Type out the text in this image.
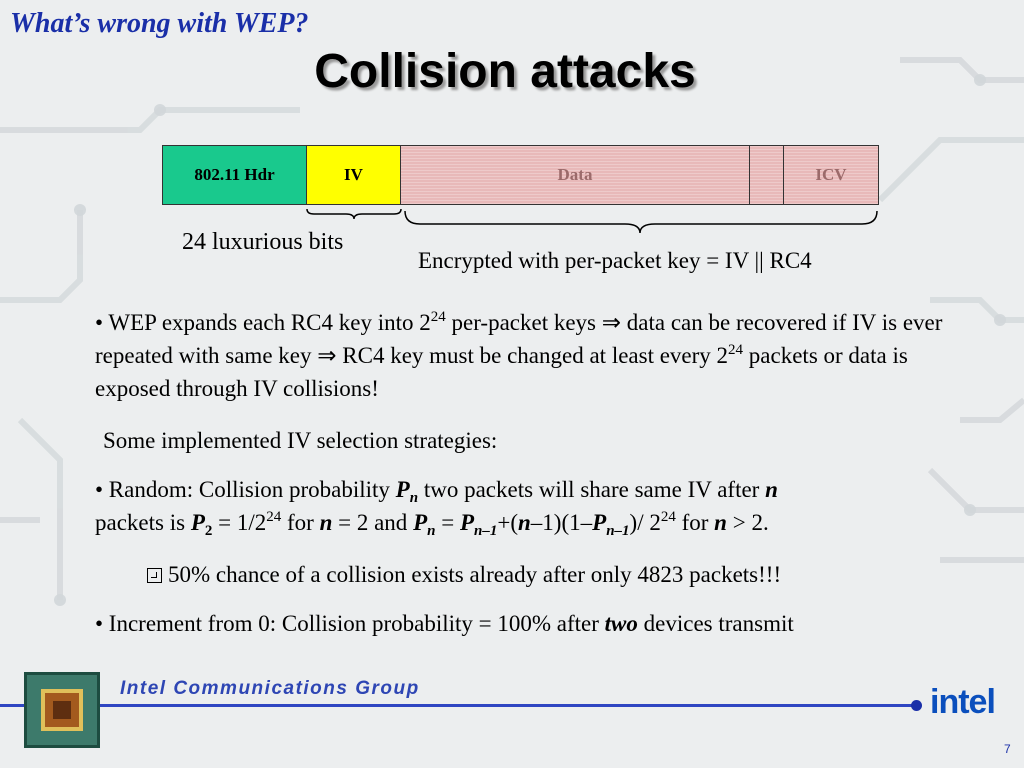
What’s wrong with WEP?
Collision attacks
802.11 Hdr	IV	Data	ICV
24 luxurious bits
Encrypted with per-packet key = IV || RC4
• WEP expands each RC4 key into $2^{24}$ per-packet keys ⇒ data can be recovered if IV is ever repeated with same key ⇒ RC4 key must be changed at least every $2^{24}$ packets or data is exposed through IV collisions!
Some implemented IV selection strategies:
• Random: Collision probability $P_n$ two packets will share same IV after n
packets is $P_2 = 1/2^{24}$ for n = 2 and $P_n = P_{n-1}+(n-1)(1-P_{n-1})/$ $2^{24}$ for n > 2.
50% chance of a collision exists already after only 4823 packets!!!
• Increment from 0: Collision probability = 100% after two devices transmit
Intel Communications Group	intel
7
